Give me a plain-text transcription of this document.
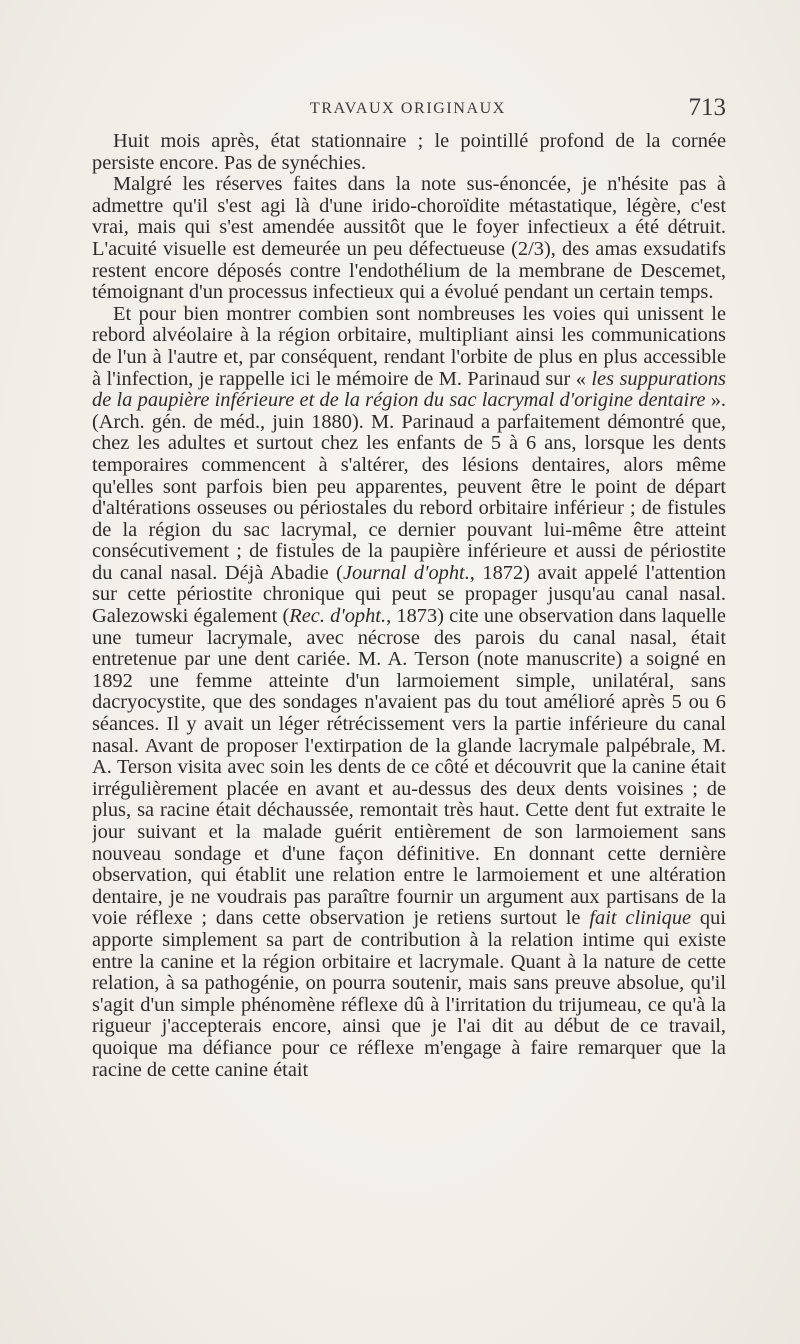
TRAVAUX ORIGINAUX	713

Huit mois après, état stationnaire ; le pointillé profond de la cornée persiste encore. Pas de synéchies.

Malgré les réserves faites dans la note sus-énoncée, je n'hésite pas à admettre qu'il s'est agi là d'une irido-choroïdite métastatique, légère, c'est vrai, mais qui s'est amendée aussitôt que le foyer infectieux a été détruit. L'acuité visuelle est demeurée un peu défectueuse (2/3), des amas exsudatifs restent encore déposés contre l'endothélium de la membrane de Descemet, témoignant d'un processus infectieux qui a évolué pendant un certain temps.

Et pour bien montrer combien sont nombreuses les voies qui unissent le rebord alvéolaire à la région orbitaire, multipliant ainsi les communications de l'un à l'autre et, par conséquent, rendant l'orbite de plus en plus accessible à l'infection, je rappelle ici le mémoire de M. Parinaud sur « les suppurations de la paupière inférieure et de la région du sac lacrymal d'origine dentaire ». (Arch. gén. de méd., juin 1880). M. Parinaud a parfaitement démontré que, chez les adultes et surtout chez les enfants de 5 à 6 ans, lorsque les dents temporaires commencent à s'altérer, des lésions dentaires, alors même qu'elles sont parfois bien peu apparentes, peuvent être le point de départ d'altérations osseuses ou périostales du rebord orbitaire inférieur ; de fistules de la région du sac lacrymal, ce dernier pouvant lui-même être atteint consécutivement ; de fistules de la paupière inférieure et aussi de périostite du canal nasal. Déjà Abadie (Journal d'opht., 1872) avait appelé l'attention sur cette périostite chronique qui peut se propager jusqu'au canal nasal. Galezowski également (Rec. d'opht., 1873) cite une observation dans laquelle une tumeur lacrymale, avec nécrose des parois du canal nasal, était entretenue par une dent cariée. M. A. Terson (note manuscrite) a soigné en 1892 une femme atteinte d'un larmoiement simple, unilatéral, sans dacryocystite, que des sondages n'avaient pas du tout amélioré après 5 ou 6 séances. Il y avait un léger rétrécissement vers la partie inférieure du canal nasal. Avant de proposer l'extirpation de la glande lacrymale palpébrale, M. A. Terson visita avec soin les dents de ce côté et découvrit que la canine était irrégulièrement placée en avant et au-dessus des deux dents voisines ; de plus, sa racine était déchaussée, remontait très haut. Cette dent fut extraite le jour suivant et la malade guérit entièrement de son larmoiement sans nouveau sondage et d'une façon définitive. En donnant cette dernière observation, qui établit une relation entre le larmoiement et une altération dentaire, je ne voudrais pas paraître fournir un argument aux partisans de la voie réflexe ; dans cette observation je retiens surtout le fait clinique qui apporte simplement sa part de contribution à la relation intime qui existe entre la canine et la région orbitaire et lacrymale. Quant à la nature de cette relation, à sa pathogénie, on pourra soutenir, mais sans preuve absolue, qu'il s'agit d'un simple phénomène réflexe dû à l'irritation du trijumeau, ce qu'à la rigueur j'accepterais encore, ainsi que je l'ai dit au début de ce travail, quoique ma défiance pour ce réflexe m'engage à faire remarquer que la racine de cette canine était
